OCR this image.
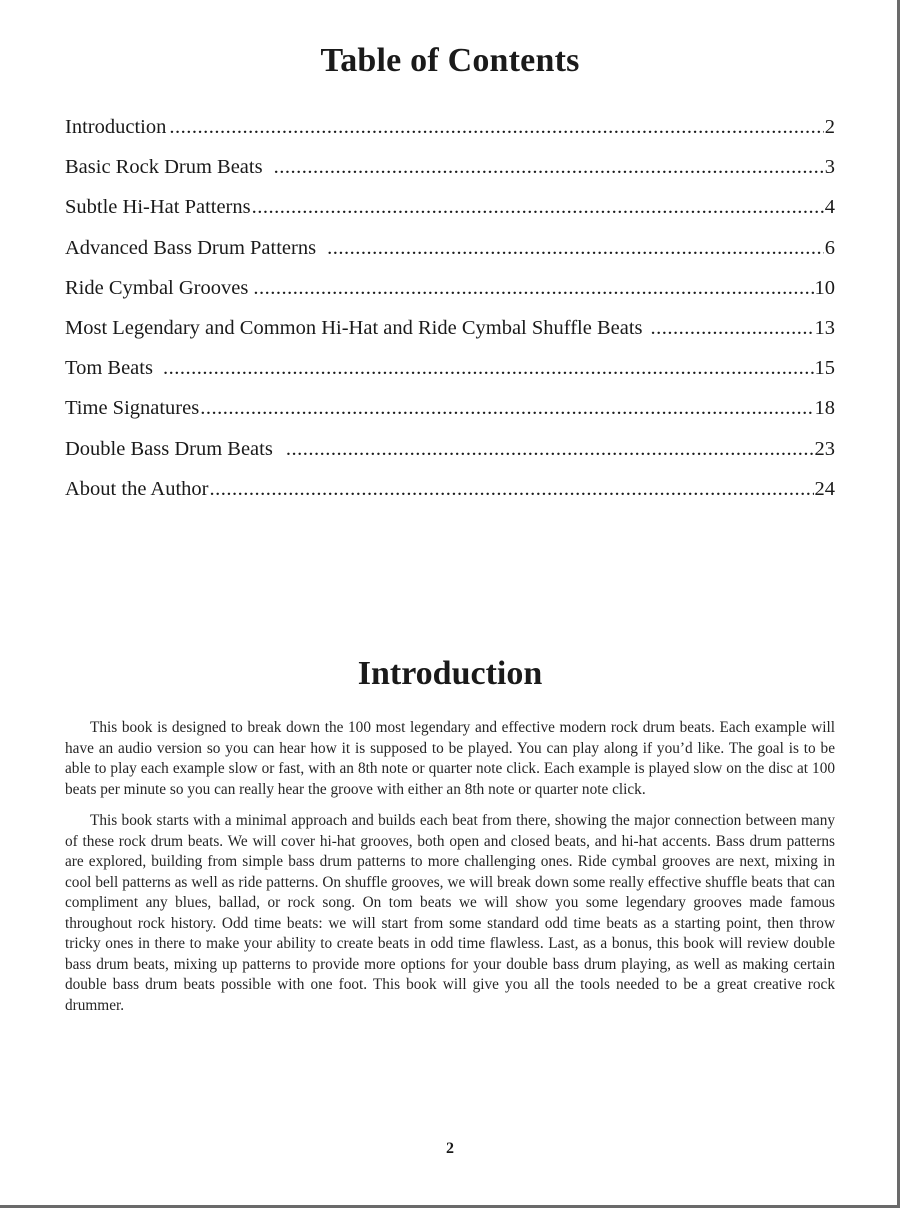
Table of Contents
Introduction .....	2
Basic Rock Drum Beats .....	3
Subtle Hi-Hat Patterns .....	4
Advanced Bass Drum Patterns .....	6
Ride Cymbal Grooves .....	10
Most Legendary and Common Hi-Hat and Ride Cymbal Shuffle Beats .....	13
Tom Beats .....	15
Time Signatures .....	18
Double Bass Drum Beats .....	23
About the Author .....	24
Introduction

This book is designed to break down the 100 most legendary and effective modern rock drum beats. Each example will have an audio version so you can hear how it is supposed to be played. You can play along if you’d like. The goal is to be able to play each example slow or fast, with an 8th note or quarter note click. Each example is played slow on the disc at 100 beats per minute so you can really hear the groove with either an 8th note or quarter note click.

This book starts with a minimal approach and builds each beat from there, showing the major connection between many of these rock drum beats. We will cover hi-hat grooves, both open and closed beats, and hi-hat accents. Bass drum patterns are explored, building from simple bass drum patterns to more challenging ones. Ride cymbal grooves are next, mixing in cool bell patterns as well as ride patterns. On shuffle grooves, we will break down some really effective shuffle beats that can compliment any blues, ballad, or rock song. On tom beats we will show you some legendary grooves made famous throughout rock history. Odd time beats: we will start from some standard odd time beats as a starting point, then throw tricky ones in there to make your ability to create beats in odd time flawless. Last, as a bonus, this book will review double bass drum beats, mixing up patterns to provide more options for your double bass drum playing, as well as making certain double bass drum beats possible with one foot. This book will give you all the tools needed to be a great creative rock drummer.

2
